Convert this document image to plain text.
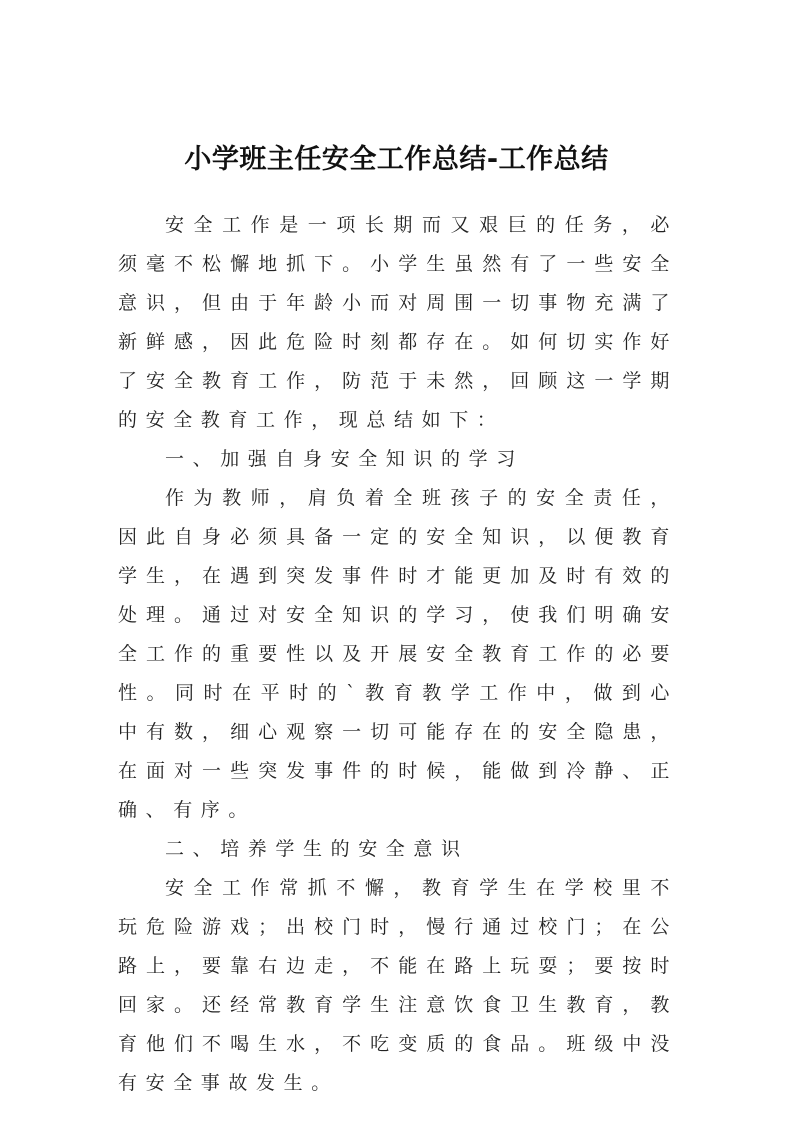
小学班主任安全工作总结-工作总结

安全工作是一项长期而又艰巨的任务，必须毫不松懈地抓下。小学生虽然有了一些安全意识，但由于年龄小而对周围一切事物充满了新鲜感，因此危险时刻都存在。如何切实作好了安全教育工作，防范于未然，回顾这一学期的安全教育工作，现总结如下：

一、加强自身安全知识的学习

作为教师，肩负着全班孩子的安全责任，因此自身必须具备一定的安全知识，以便教育学生，在遇到突发事件时才能更加及时有效的处理。通过对安全知识的学习，使我们明确安全工作的重要性以及开展安全教育工作的必要性。同时在平时的`教育教学工作中，做到心中有数，细心观察一切可能存在的安全隐患，在面对一些突发事件的时候，能做到冷静、正确、有序。

二、培养学生的安全意识

安全工作常抓不懈，教育学生在学校里不玩危险游戏；出校门时，慢行通过校门；在公路上，要靠右边走，不能在路上玩耍；要按时回家。还经常教育学生注意饮食卫生教育，教育他们不喝生水，不吃变质的食品。班级中没有安全事故发生。
